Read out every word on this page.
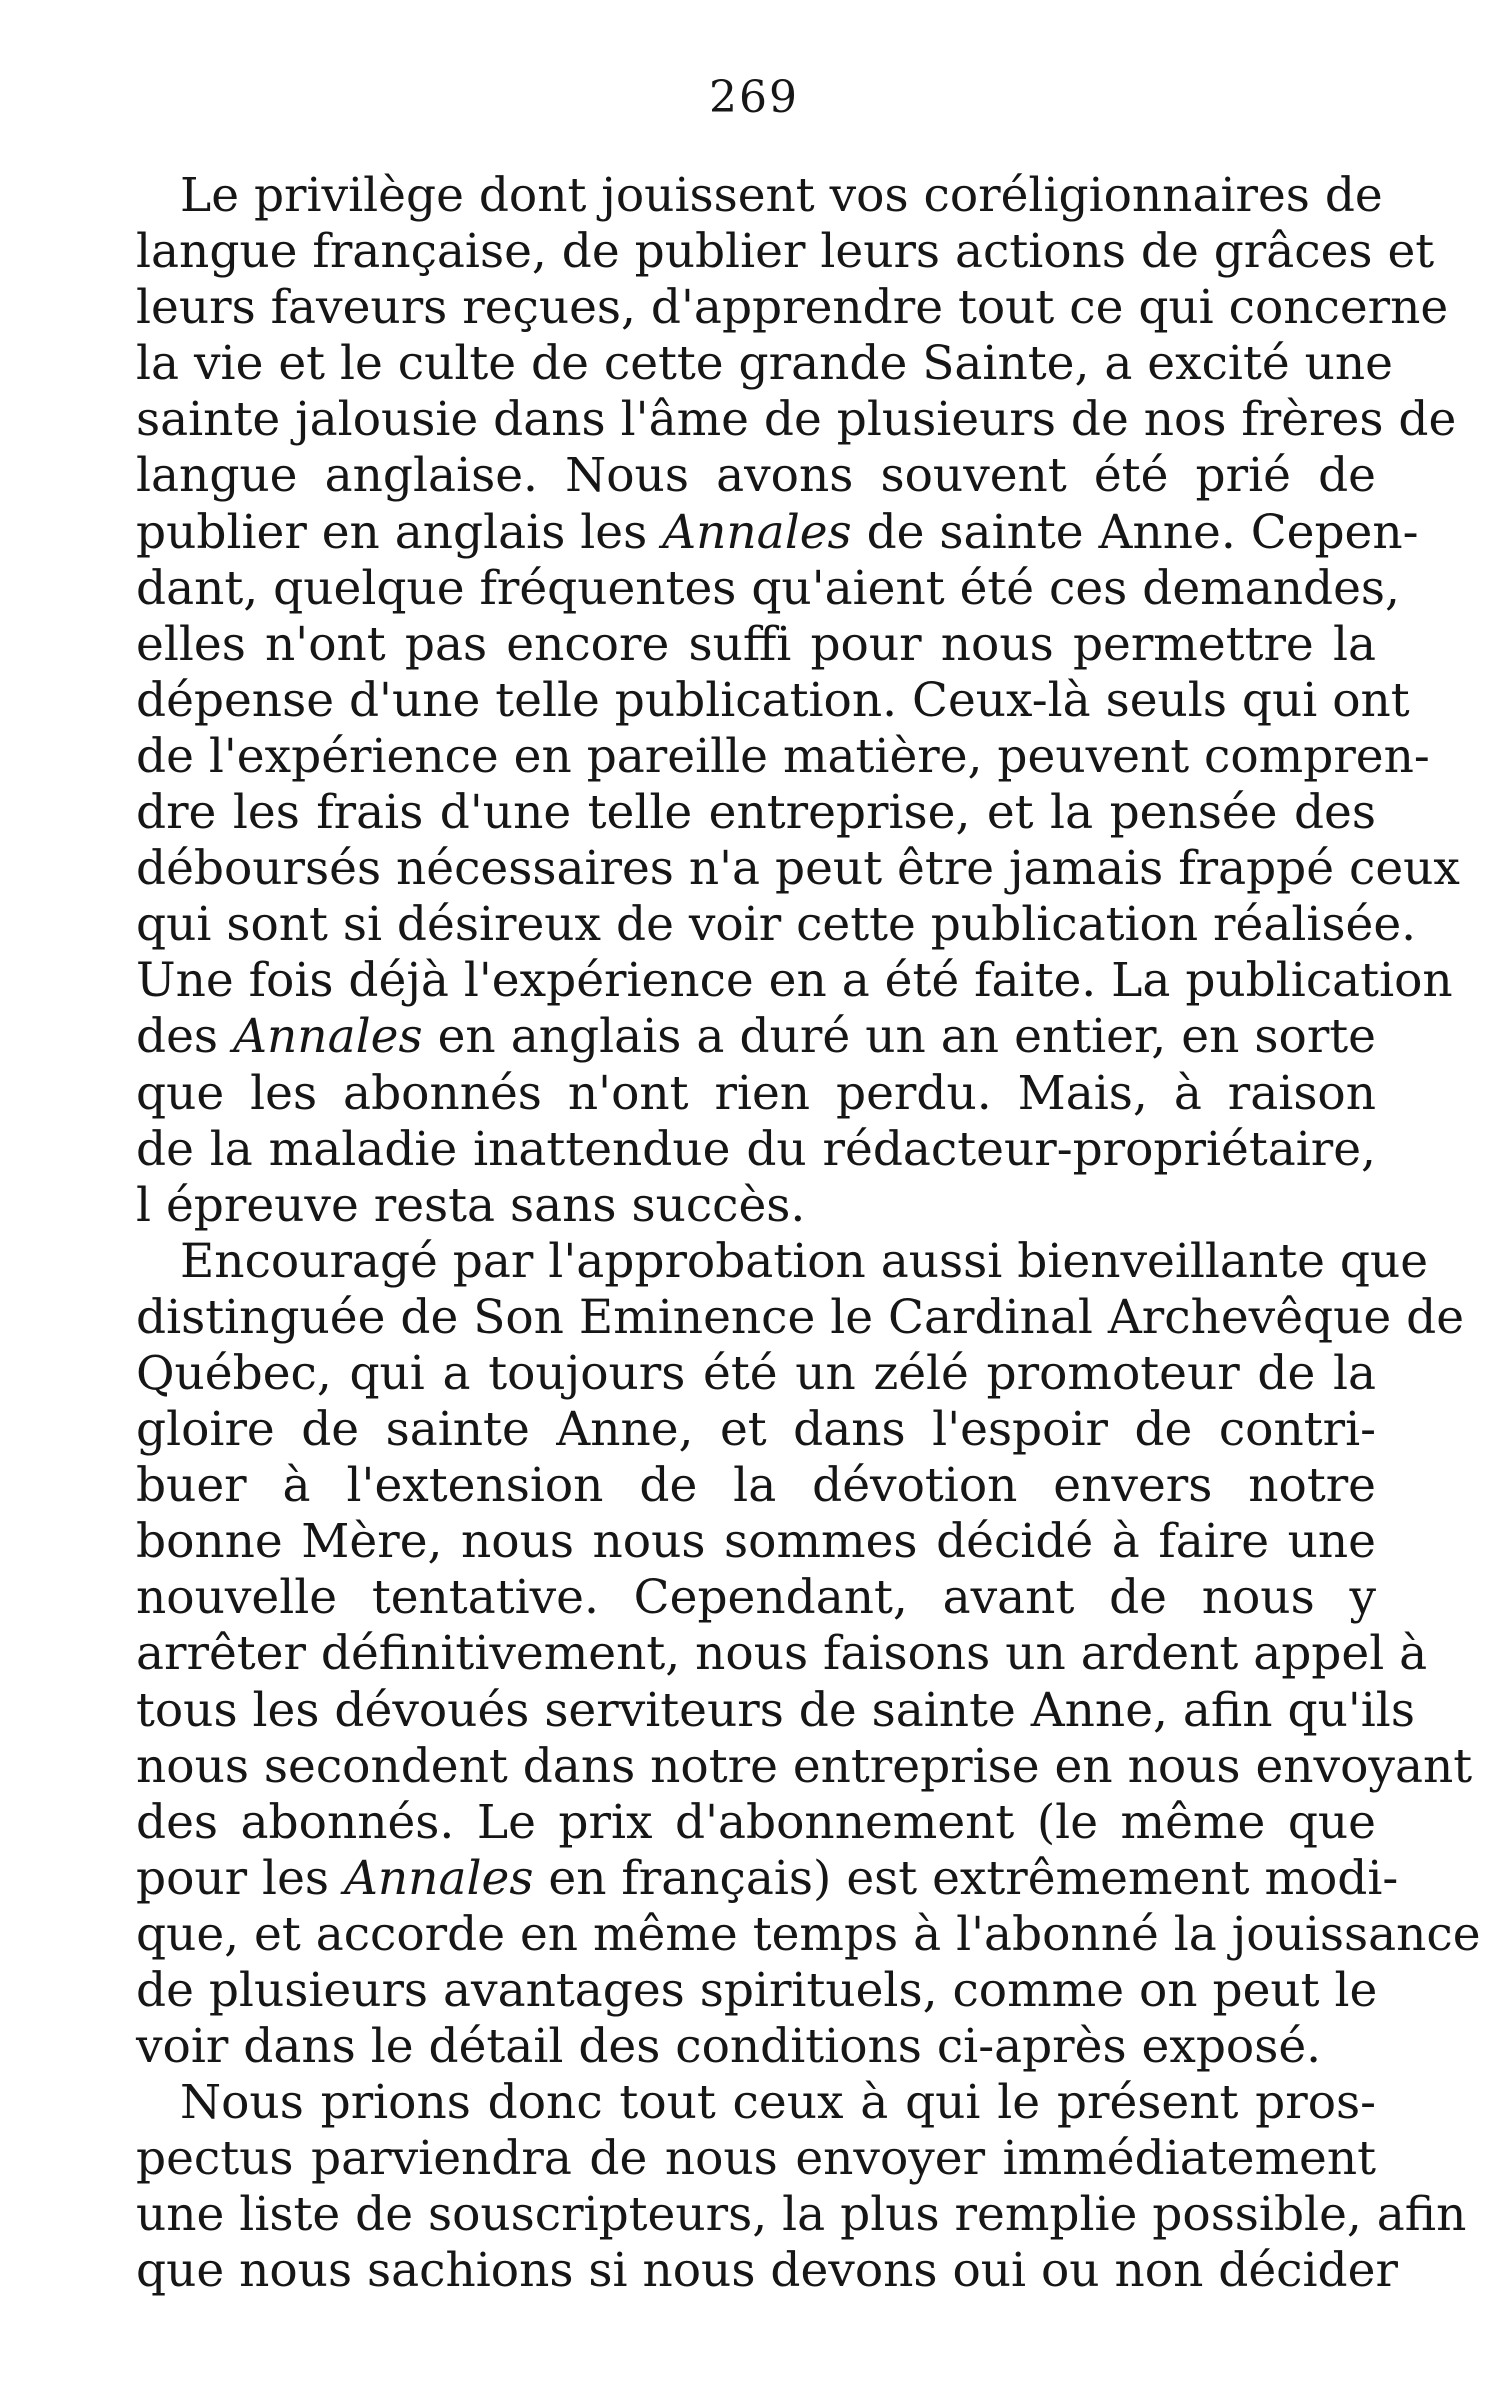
269
Le privilège dont jouissent vos coréligionnaires de
langue française, de publier leurs actions de grâces et
leurs faveurs reçues, d'apprendre tout ce qui concerne
la vie et le culte de cette grande Sainte, a excité une
sainte jalousie dans l'âme de plusieurs de nos frères de
langue anglaise. Nous avons souvent été prié de
publier en anglais les Annales de sainte Anne. Cepen-
dant, quelque fréquentes qu'aient été ces demandes,
elles n'ont pas encore suffi pour nous permettre la
dépense d'une telle publication. Ceux-là seuls qui ont
de l'expérience en pareille matière, peuvent compren-
dre les frais d'une telle entreprise, et la pensée des
déboursés nécessaires n'a peut être jamais frappé ceux
qui sont si désireux de voir cette publication réalisée.
Une fois déjà l'expérience en a été faite. La publication
des Annales en anglais a duré un an entier, en sorte
que les abonnés n'ont rien perdu. Mais, à raison
de la maladie inattendue du rédacteur-propriétaire,
l épreuve resta sans succès.
Encouragé par l'approbation aussi bienveillante que
distinguée de Son Eminence le Cardinal Archevêque de
Québec, qui a toujours été un zélé promoteur de la
gloire de sainte Anne, et dans l'espoir de contri-
buer à l'extension de la dévotion envers notre
bonne Mère, nous nous sommes décidé à faire une
nouvelle tentative. Cependant, avant de nous y
arrêter définitivement, nous faisons un ardent appel à
tous les dévoués serviteurs de sainte Anne, afin qu'ils
nous secondent dans notre entreprise en nous envoyant
des abonnés. Le prix d'abonnement (le même que
pour les Annales en français) est extrêmement modi-
que, et accorde en même temps à l'abonné la jouissance
de plusieurs avantages spirituels, comme on peut le
voir dans le détail des conditions ci-après exposé.
Nous prions donc tout ceux à qui le présent pros-
pectus parviendra de nous envoyer immédiatement
une liste de souscripteurs, la plus remplie possible, afin
que nous sachions si nous devons oui ou non décider
